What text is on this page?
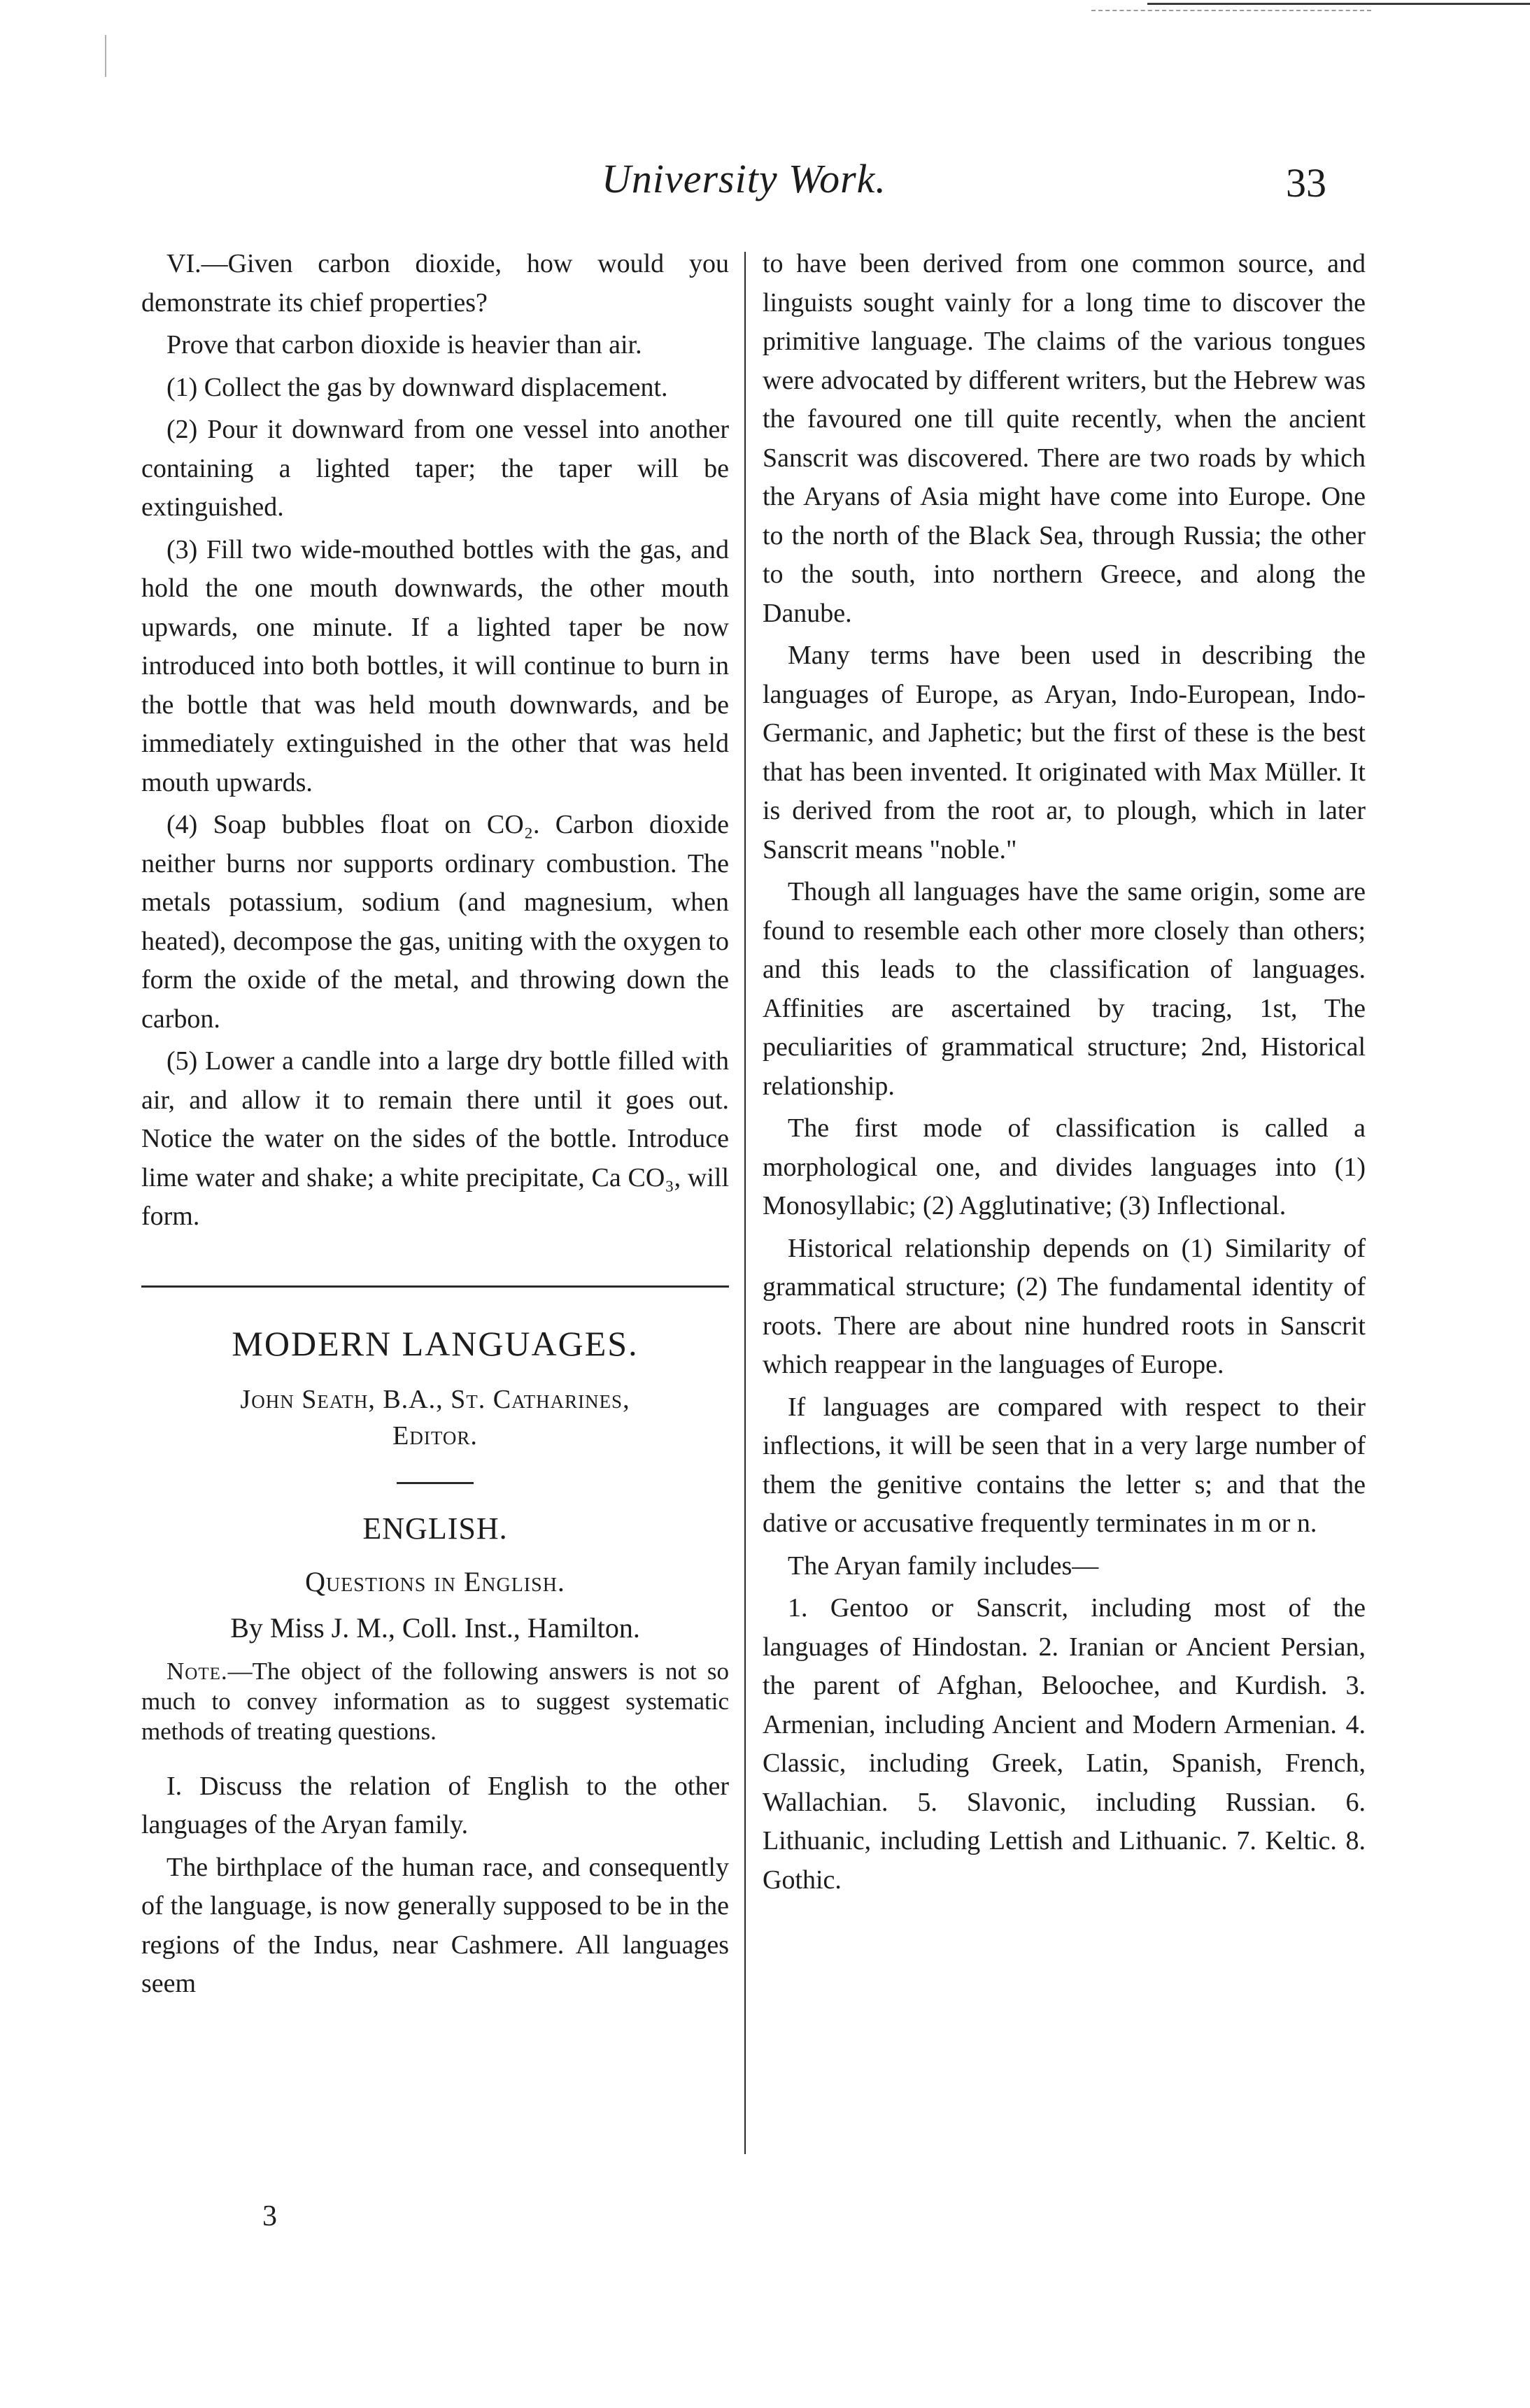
University Work.	33

VI.—Given carbon dioxide, how would you demonstrate its chief properties?

Prove that carbon dioxide is heavier than air.

(1) Collect the gas by downward displacement.

(2) Pour it downward from one vessel into another containing a lighted taper; the taper will be extinguished.

(3) Fill two wide-mouthed bottles with the gas, and hold the one mouth downwards, the other mouth upwards, one minute. If a lighted taper be now introduced into both bottles, it will continue to burn in the bottle that was held mouth downwards, and be immediately extinguished in the other that was held mouth upwards.

(4) Soap bubbles float on CO₂. Carbon dioxide neither burns nor supports ordinary combustion. The metals potassium, sodium (and magnesium, when heated), decompose the gas, uniting with the oxygen to form the oxide of the metal, and throwing down the carbon.

(5) Lower a candle into a large dry bottle filled with air, and allow it to remain there until it goes out. Notice the water on the sides of the bottle. Introduce lime water and shake; a white precipitate, Ca CO₃, will form.

MODERN LANGUAGES.
John Seath, B.A., St. Catharines,
Editor.
ENGLISH.
Questions in English.
By Miss J. M., Coll. Inst., Hamilton.

Note.—The object of the following answers is not so much to convey information as to suggest systematic methods of treating questions.

I. Discuss the relation of English to the other languages of the Aryan family.

The birthplace of the human race, and consequently of the language, is now generally supposed to be in the regions of the Indus, near Cashmere. All languages seem

to have been derived from one common source, and linguists sought vainly for a long time to discover the primitive language. The claims of the various tongues were advocated by different writers, but the Hebrew was the favoured one till quite recently, when the ancient Sanscrit was discovered. There are two roads by which the Aryans of Asia might have come into Europe. One to the north of the Black Sea, through Russia; the other to the south, into northern Greece, and along the Danube.

Many terms have been used in describing the languages of Europe, as Aryan, Indo-European, Indo-Germanic, and Japhetic; but the first of these is the best that has been invented. It originated with Max Müller. It is derived from the root ar, to plough, which in later Sanscrit means "noble."

Though all languages have the same origin, some are found to resemble each other more closely than others; and this leads to the classification of languages. Affinities are ascertained by tracing, 1st, The peculiarities of grammatical structure; 2nd, Historical relationship.

The first mode of classification is called a morphological one, and divides languages into (1) Monosyllabic; (2) Agglutinative; (3) Inflectional.

Historical relationship depends on (1) Similarity of grammatical structure; (2) The fundamental identity of roots. There are about nine hundred roots in Sanscrit which reappear in the languages of Europe.

If languages are compared with respect to their inflections, it will be seen that in a very large number of them the genitive contains the letter s; and that the dative or accusative frequently terminates in m or n.

The Aryan family includes—

1. Gentoo or Sanscrit, including most of the languages of Hindostan. 2. Iranian or Ancient Persian, the parent of Afghan, Beloochee, and Kurdish. 3. Armenian, including Ancient and Modern Armenian. 4. Classic, including Greek, Latin, Spanish, French, Wallachian. 5. Slavonic, including Russian. 6. Lithuanic, including Lettish and Lithuanic. 7. Keltic. 8. Gothic.

3
